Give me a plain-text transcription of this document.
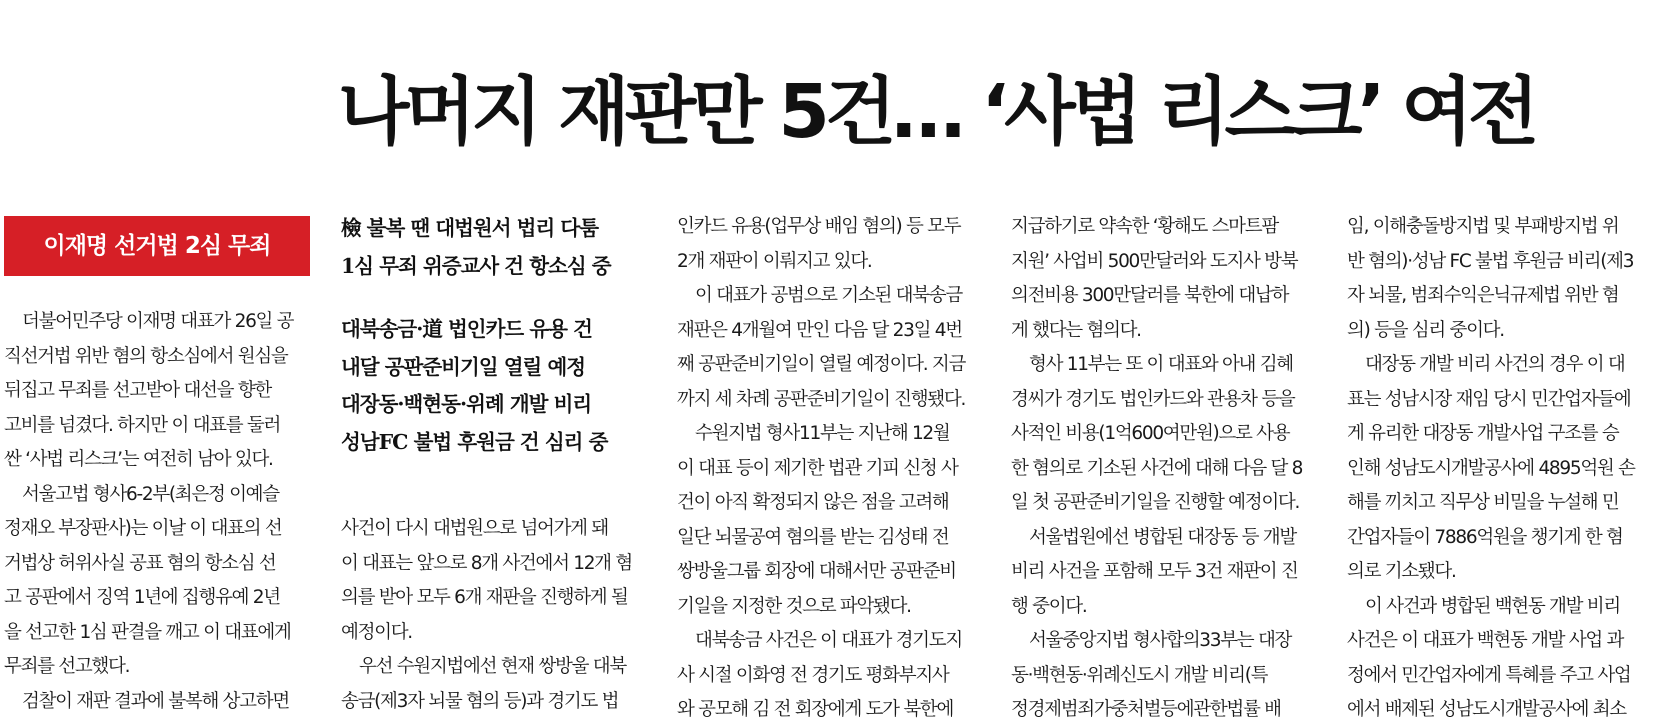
나머지 재판만 5건… ‘사법 리스크’ 여전
이재명 선거법 2심 무죄
더불어민주당 이재명 대표가 26일 공
직선거법 위반 혐의 항소심에서 원심을
뒤집고 무죄를 선고받아 대선을 향한
고비를 넘겼다. 하지만 이 대표를 둘러
싼 ‘사법 리스크’는 여전히 남아 있다.
서울고법 형사6-2부(최은정 이예슬
정재오 부장판사)는 이날 이 대표의 선
거법상 허위사실 공표 혐의 항소심 선
고 공판에서 징역 1년에 집행유예 2년
을 선고한 1심 판결을 깨고 이 대표에게
무죄를 선고했다.
검찰이 재판 결과에 불복해 상고하면
檢 불복 땐 대법원서 법리 다툼
1심 무죄 위증교사 건 항소심 중
대북송금·道 법인카드 유용 건
내달 공판준비기일 열릴 예정
대장동·백현동·위례 개발 비리
성남FC 불법 후원금 건 심리 중
사건이 다시 대법원으로 넘어가게 돼
이 대표는 앞으로 8개 사건에서 12개 혐
의를 받아 모두 6개 재판을 진행하게 될
예정이다.
우선 수원지법에선 현재 쌍방울 대북
송금(제3자 뇌물 혐의 등)과 경기도 법
인카드 유용(업무상 배임 혐의) 등 모두
2개 재판이 이뤄지고 있다.
이 대표가 공범으로 기소된 대북송금
재판은 4개월여 만인 다음 달 23일 4번
째 공판준비기일이 열릴 예정이다. 지금
까지 세 차례 공판준비기일이 진행됐다.
수원지법 형사11부는 지난해 12월
이 대표 등이 제기한 법관 기피 신청 사
건이 아직 확정되지 않은 점을 고려해
일단 뇌물공여 혐의를 받는 김성태 전
쌍방울그룹 회장에 대해서만 공판준비
기일을 지정한 것으로 파악됐다.
대북송금 사건은 이 대표가 경기도지
사 시절 이화영 전 경기도 평화부지사
와 공모해 김 전 회장에게 도가 북한에
지급하기로 약속한 ‘황해도 스마트팜
지원’ 사업비 500만달러와 도지사 방북
의전비용 300만달러를 북한에 대납하
게 했다는 혐의다.
형사 11부는 또 이 대표와 아내 김혜
경씨가 경기도 법인카드와 관용차 등을
사적인 비용(1억600여만원)으로 사용
한 혐의로 기소된 사건에 대해 다음 달 8
일 첫 공판준비기일을 진행할 예정이다.
서울법원에선 병합된 대장동 등 개발
비리 사건을 포함해 모두 3건 재판이 진
행 중이다.
서울중앙지법 형사합의33부는 대장
동·백현동·위례신도시 개발 비리(특
정경제범죄가중처벌등에관한법률 배
임, 이해충돌방지법 및 부패방지법 위
반 혐의)·성남 FC 불법 후원금 비리(제3
자 뇌물, 범죄수익은닉규제법 위반 혐
의) 등을 심리 중이다.
대장동 개발 비리 사건의 경우 이 대
표는 성남시장 재임 당시 민간업자들에
게 유리한 대장동 개발사업 구조를 승
인해 성남도시개발공사에 4895억원 손
해를 끼치고 직무상 비밀을 누설해 민
간업자들이 7886억원을 챙기게 한 혐
의로 기소됐다.
이 사건과 병합된 백현동 개발 비리
사건은 이 대표가 백현동 개발 사업 과
정에서 민간업자에게 특혜를 주고 사업
에서 배제된 성남도시개발공사에 최소
